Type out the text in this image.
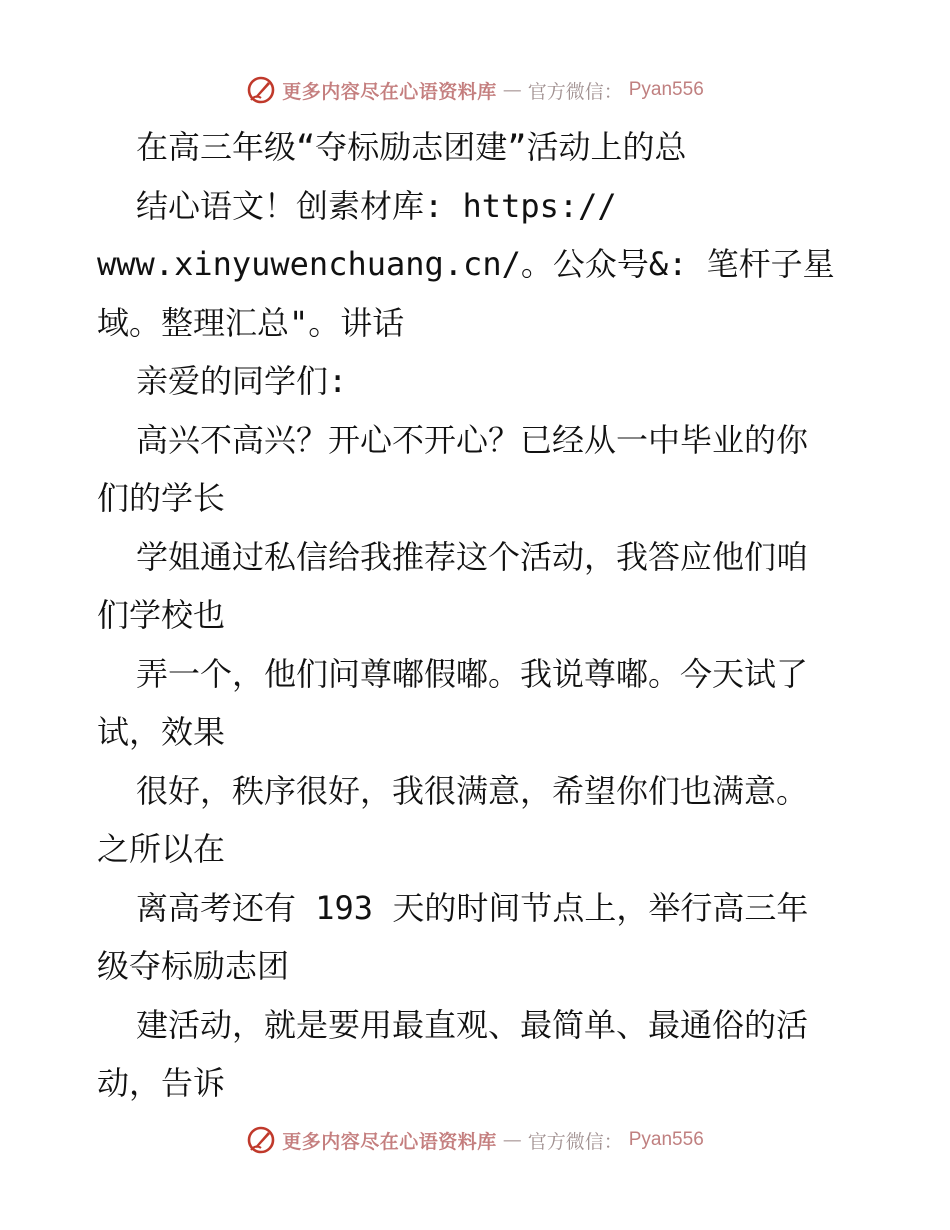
更多内容尽在心语资料库 — 官方微信： Pyan556
在高三年级“夺标励志团建”活动上的总
结心语文！创素材库: https://
www.xinyuwenchuang.cn/。公众号&: 笔杆子星
域。整理汇总"。讲话
亲爱的同学们:
高兴不高兴？开心不开心？已经从一中毕业的你
们的学长
学姐通过私信给我推荐这个活动，我答应他们咱
们学校也
弄一个，他们问尊嘟假嘟。我说尊嘟。今天试了
试，效果
很好，秩序很好，我很满意，希望你们也满意。
之所以在
离高考还有 193 天的时间节点上，举行高三年
级夺标励志团
建活动，就是要用最直观、最简单、最通俗的活
动，告诉
更多内容尽在心语资料库 — 官方微信： Pyan556
